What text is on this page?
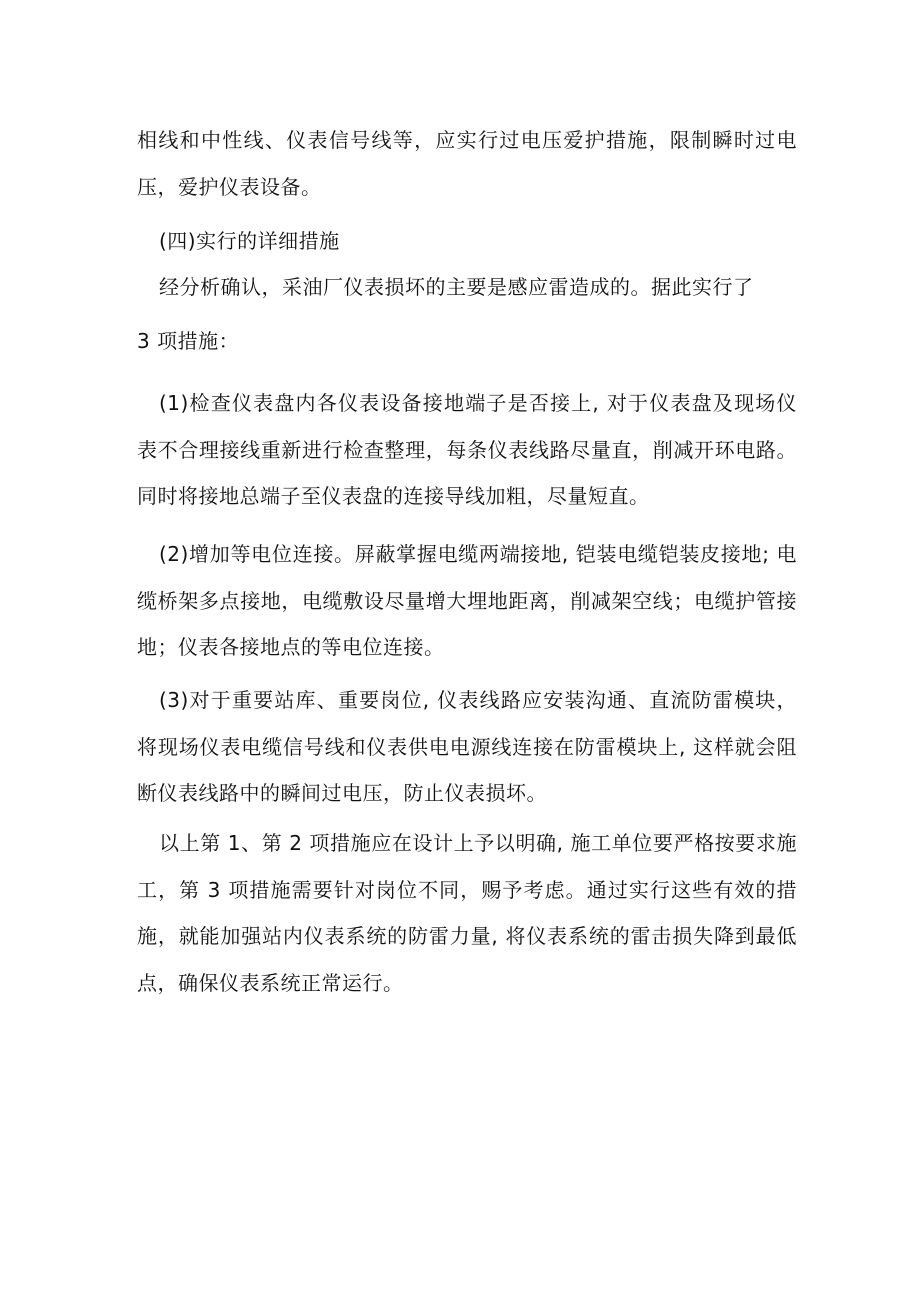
相线和中性线、仪表信号线等，应实行过电压爱护措施，限制瞬时过电压，爱护仪表设备。

(四)实行的详细措施

经分析确认，采油厂仪表损坏的主要是感应雷造成的。据此实行了

3 项措施：

(1)检查仪表盘内各仪表设备接地端子是否接上, 对于仪表盘及现场仪表不合理接线重新进行检查整理，每条仪表线路尽量直，削减开环电路。同时将接地总端子至仪表盘的连接导线加粗，尽量短直。

(2)增加等电位连接。屏蔽掌握电缆两端接地, 铠装电缆铠装皮接地; 电缆桥架多点接地，电缆敷设尽量增大埋地距离，削减架空线；电缆护管接地；仪表各接地点的等电位连接。

(3)对于重要站库、重要岗位, 仪表线路应安装沟通、直流防雷模块，将现场仪表电缆信号线和仪表供电电源线连接在防雷模块上, 这样就会阻断仪表线路中的瞬间过电压，防止仪表损坏。

以上第 1、第 2 项措施应在设计上予以明确, 施工单位要严格按要求施工，第 3 项措施需要针对岗位不同，赐予考虑。通过实行这些有效的措施，就能加强站内仪表系统的防雷力量, 将仪表系统的雷击损失降到最低点，确保仪表系统正常运行。
